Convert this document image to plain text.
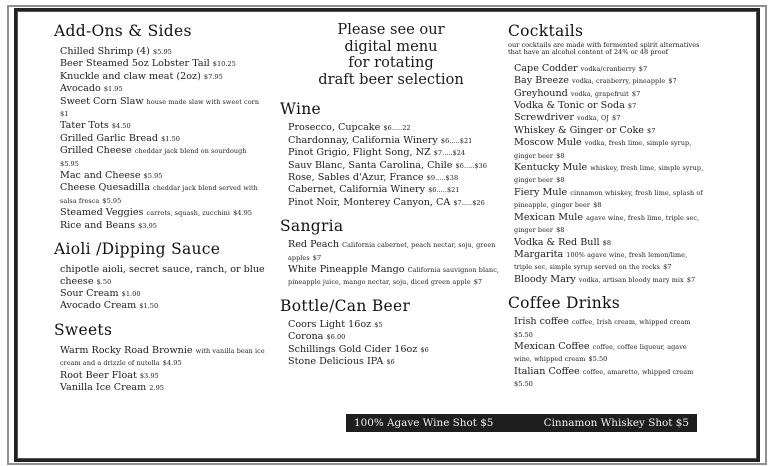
Add-Ons & Sides
Chilled Shrimp (4) $5.95
Beer Steamed 5oz Lobster Tail $10.25
Knuckle and claw meat (2oz) $7.95
Avocado $1.95
Sweet Corn Slaw house made slaw with sweet corn $1
Tater Tots $4.50
Grilled Garlic Bread $1.50
Grilled Cheese cheddar jack blend on sourdough $5.95
Mac and Cheese $5.95
Cheese Quesadilla cheddar jack blend served with salsa fresca $5.95
Steamed Veggies carrots, squash, zucchini $4.95
Rice and Beans $3.95
Aioli /Dipping Sauce
chipotle aioli, secret sauce, ranch, or blue cheese $.50
Sour Cream $1.00
Avocado Cream $1.50
Sweets
Warm Rocky Road Brownie with vanilla bean ice cream and a drizzle of nutella $4.95
Root Beer Float $3.95
Vanilla Ice Cream 2.95
Please see our
digital menu
for rotating
draft beer selection
Wine
Prosecco, Cupcake $6.....22
Chardonnay, California Winery $6.....$21
Pinot Grigio, Flight Song, NZ $7.....$24
Sauv Blanc, Santa Carolina, Chile $6.....$36
Rose, Sables d'Azur, France $9.....$38
Cabernet, California Winery $6.....$21
Pinot Noir, Monterey Canyon, CA $7.....$26
Sangria
Red Peach California cabernet, peach nectar, soju, green apples $7
White Pineapple Mango California sauvignon blanc, pineapple juice, mango nectar, soju, diced green apple $7
Bottle/Can Beer
Coors Light 16oz $5
Corona $6.00
Schillings Gold Cider 16oz $6
Stone Delicious IPA $6
Cocktails
our cocktails are made with fermented spirit alternatives that have an alcohol content of 24% or 48 proof
Cape Codder vodka/cranberry $7
Bay Breeze vodka, cranberry, pineapple $7
Greyhound vodka, grapefruit $7
Vodka & Tonic or Soda $7
Screwdriver vodka, OJ $7
Whiskey & Ginger or Coke $7
Moscow Mule vodka, fresh lime, simple syrup, ginger beer $8
Kentucky Mule whiskey, fresh lime, simple syrup, ginger beer $8
Fiery Mule cinnamon whiskey, fresh lime, splash of pineapple, ginger beer $8
Mexican Mule agave wine, fresh lime, triple sec, ginger beer $8
Vodka & Red Bull $8
Margarita 100% agave wine, fresh lemon/lime, triple sec, simple syrup served on the rocks $7
Bloody Mary vodka, artisan bloody mary mix $7
Coffee Drinks
Irish coffee coffee, Irish cream, whipped cream $5.50
Mexican Coffee coffee, coffee liqueur, agave wine, whipped cream $5.50
Italian Coffee coffee, amaretto, whipped cream $5.50
100% Agave Wine Shot $5	Cinnamon Whiskey Shot $5
